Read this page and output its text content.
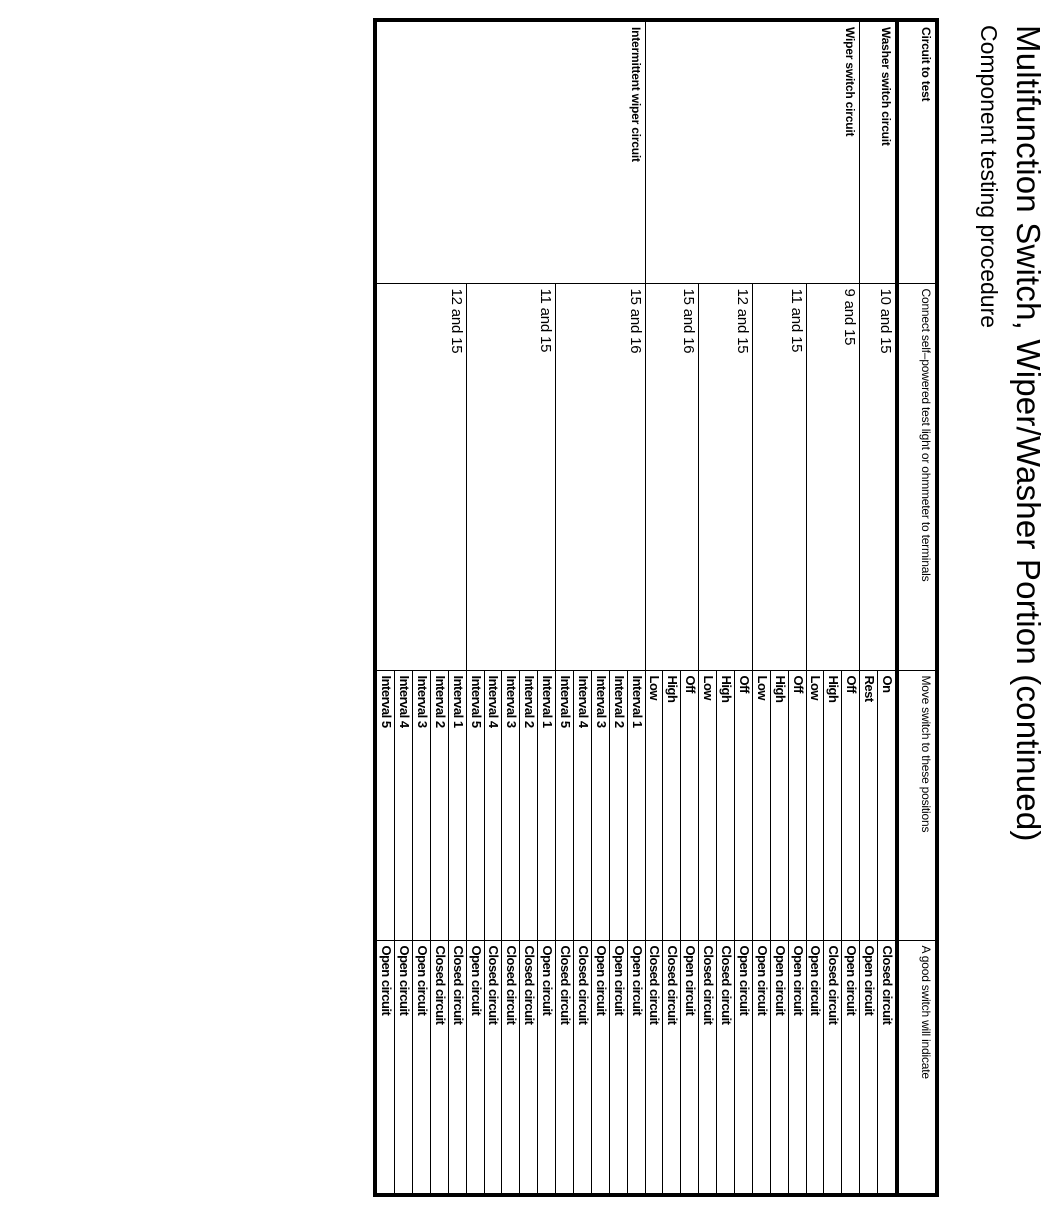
Multifunction Switch, Wiper/Washer Portion (continued)
Component testing procedure
Circuit to test	Connect self–powered test light or ohmmeter to terminals	Move switch to these positions	A good switch will indicate
Washer switch circuit	10 and 15	On	Closed circuit
		Rest	Open circuit
Wiper switch circuit	9 and 15	Off	Open circuit
		High	Closed circuit
		Low	Open circuit
	11 and 15	Off	Open circuit
		High	Open circuit
		Low	Open circuit
	12 and 15	Off	Open circuit
		High	Closed circuit
		Low	Closed circuit
	15 and 16	Off	Open circuit
		High	Closed circuit
		Low	Closed circuit
Intermittent wiper circuit	15 and 16	Interval 1	Open circuit
		Interval 2	Open circuit
		Interval 3	Open circuit
		Interval 4	Closed circuit
		Interval 5	Closed circuit
	11 and 15	Interval 1	Open circuit
		Interval 2	Closed circuit
		Interval 3	Closed circuit
		Interval 4	Closed circuit
		Interval 5	Open circuit
	12 and 15	Interval 1	Closed circuit
		Interval 2	Closed circuit
		Interval 3	Open circuit
		Interval 4	Open circuit
		Interval 5	Open circuit
